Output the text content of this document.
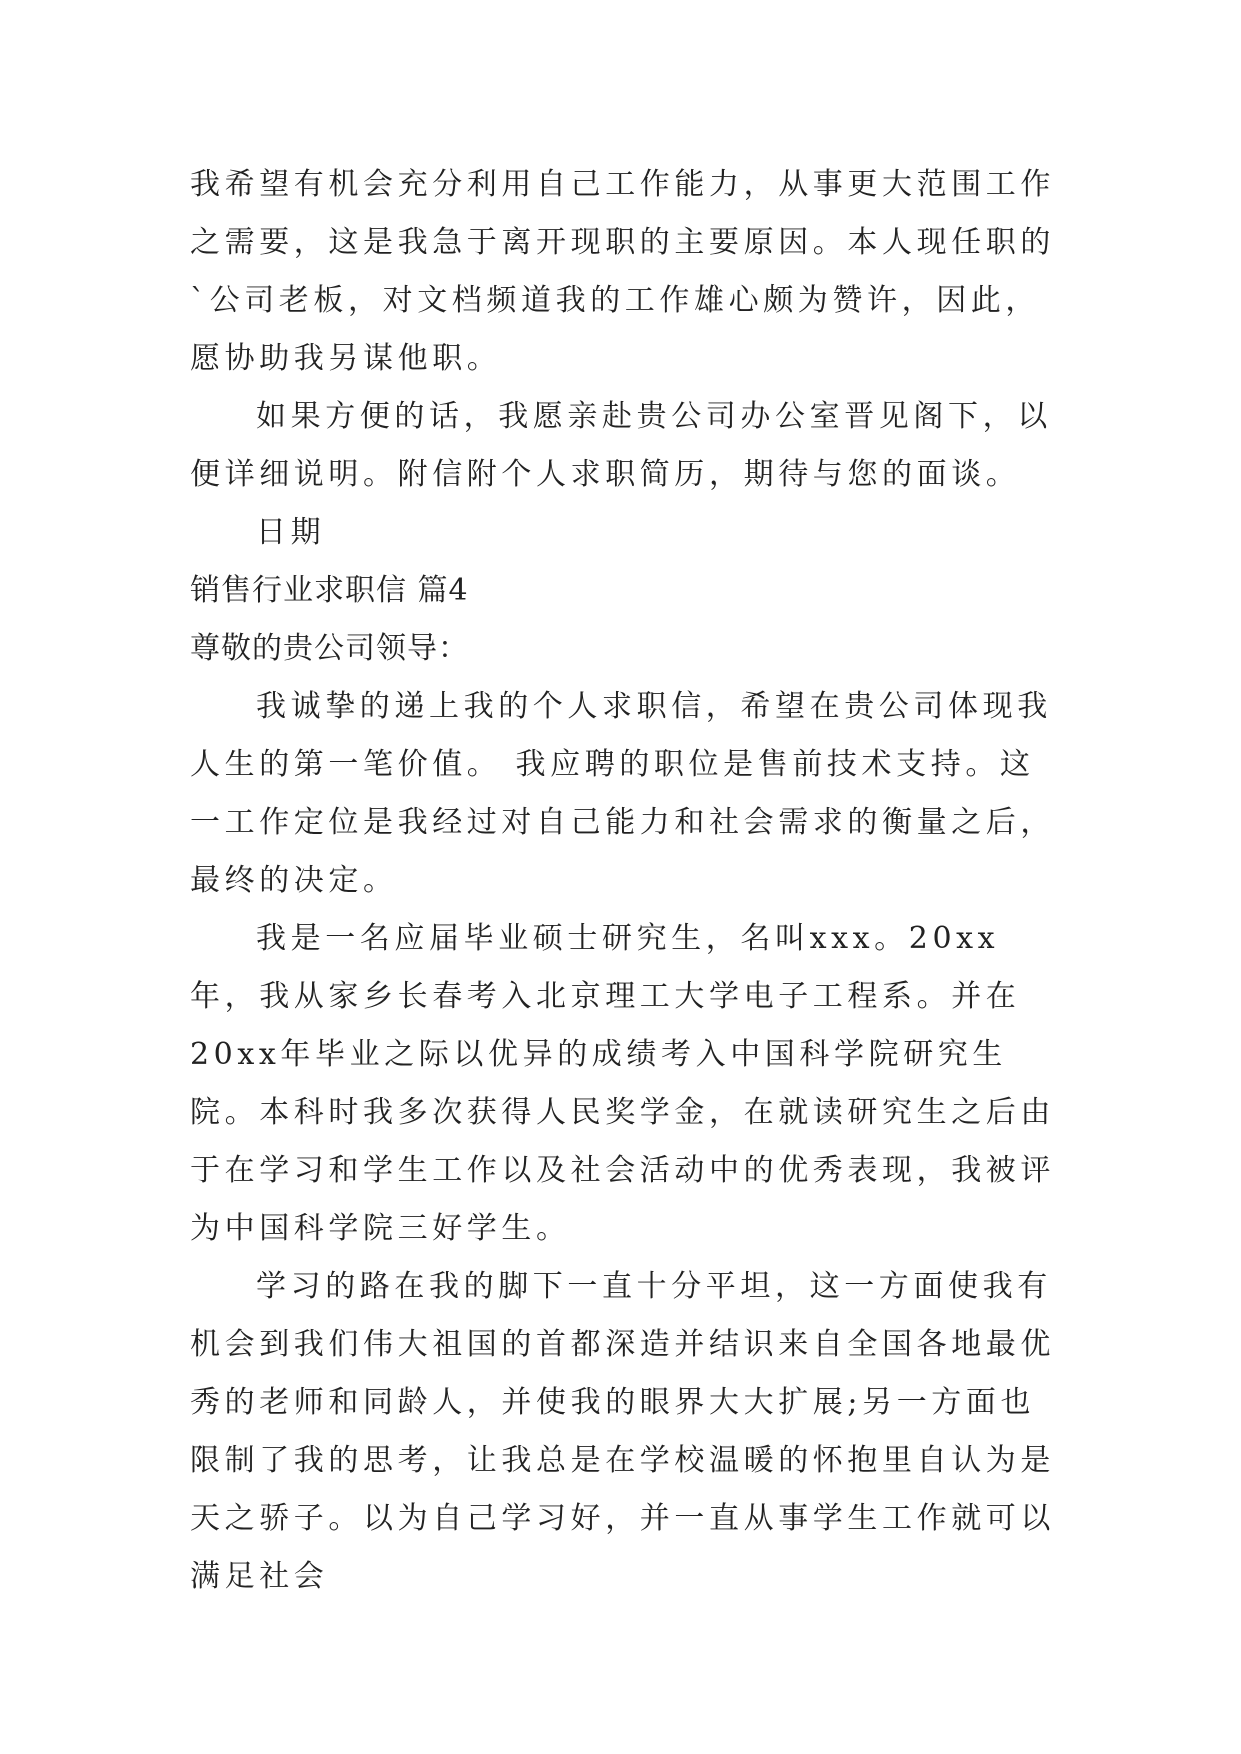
我希望有机会充分利用自己工作能力，从事更大范围工作之需要，这是我急于离开现职的主要原因。本人现任职的`公司老板，对文档频道我的工作雄心颇为赞许，因此，愿协助我另谋他职。

如果方便的话，我愿亲赴贵公司办公室晋见阁下，以便详细说明。附信附个人求职简历，期待与您的面谈。

日期

销售行业求职信 篇4

尊敬的贵公司领导：

我诚挚的递上我的个人求职信，希望在贵公司体现我人生的第一笔价值。 我应聘的职位是售前技术支持。这一工作定位是我经过对自己能力和社会需求的衡量之后，最终的决定。

我是一名应届毕业硕士研究生，名叫xxx。20xx年，我从家乡长春考入北京理工大学电子工程系。并在20xx年毕业之际以优异的成绩考入中国科学院研究生院。本科时我多次获得人民奖学金，在就读研究生之后由于在学习和学生工作以及社会活动中的优秀表现，我被评为中国科学院三好学生。

学习的路在我的脚下一直十分平坦，这一方面使我有机会到我们伟大祖国的首都深造并结识来自全国各地最优秀的老师和同龄人，并使我的眼界大大扩展;另一方面也限制了我的思考，让我总是在学校温暖的怀抱里自认为是天之骄子。以为自己学习好，并一直从事学生工作就可以满足社会
